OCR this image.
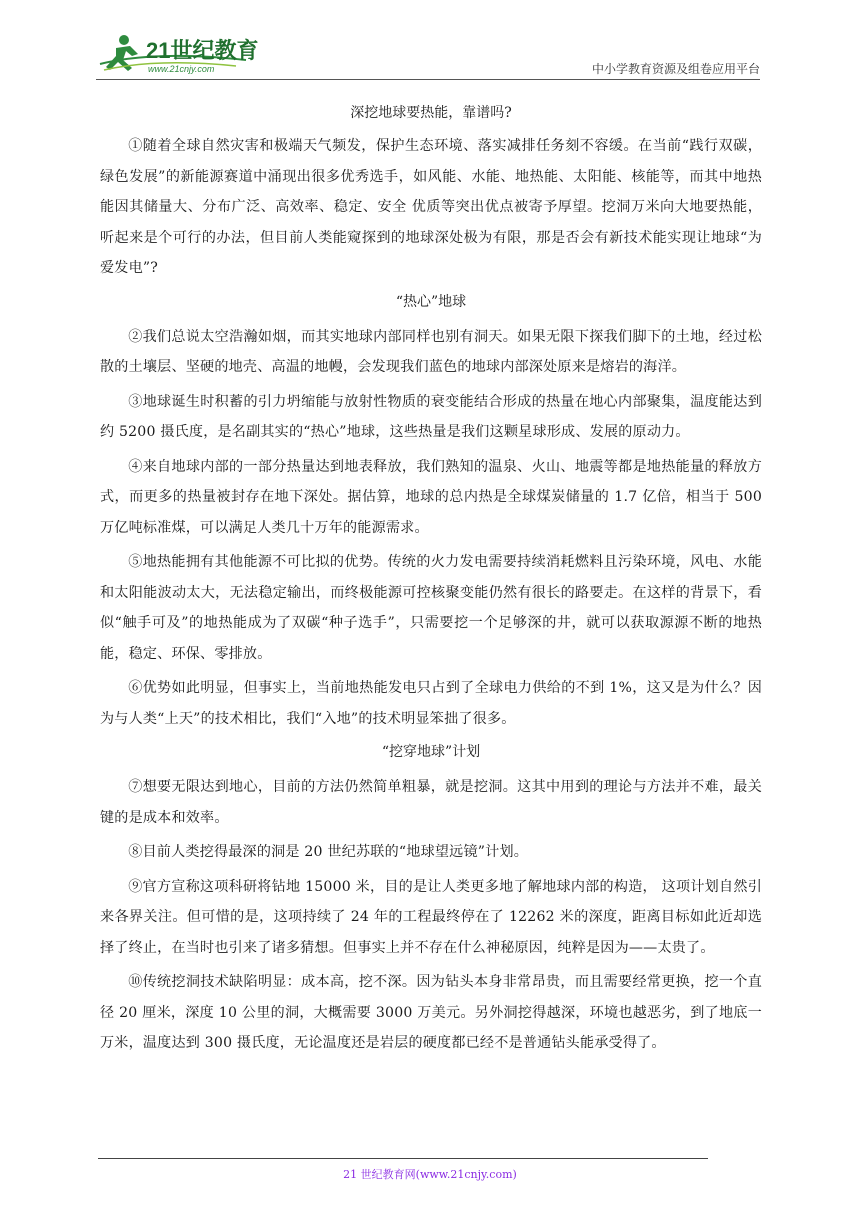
21世纪教育
www.21cnjy.com	中小学教育资源及组卷应用平台
深挖地球要热能，靠谱吗?

①随着全球自然灾害和极端天气频发，保护生态环境、落实减排任务刻不容缓。在当前“践行双碳，绿色发展”的新能源赛道中涌现出很多优秀选手，如风能、水能、地热能、太阳能、核能等，而其中地热能因其储量大、分布广泛、高效率、稳定、安全 优质等突出优点被寄予厚望。挖洞万米向大地要热能，听起来是个可行的办法，但目前人类能窥探到的地球深处极为有限，那是否会有新技术能实现让地球“为爱发电”?

“热心”地球

②我们总说太空浩瀚如烟，而其实地球内部同样也别有洞天。如果无限下探我们脚下的土地，经过松散的土壤层、坚硬的地壳、高温的地幔，会发现我们蓝色的地球内部深处原来是熔岩的海洋。

③地球诞生时积蓄的引力坍缩能与放射性物质的衰变能结合形成的热量在地心内部聚集，温度能达到约 5200 摄氏度，是名副其实的“热心”地球，这些热量是我们这颗星球形成、发展的原动力。

④来自地球内部的一部分热量达到地表释放，我们熟知的温泉、火山、地震等都是地热能量的释放方式，而更多的热量被封存在地下深处。据估算，地球的总内热是全球煤炭储量的 1.7 亿倍，相当于 500 万亿吨标准煤，可以满足人类几十万年的能源需求。

⑤地热能拥有其他能源不可比拟的优势。传统的火力发电需要持续消耗燃料且污染环境，风电、水能和太阳能波动太大，无法稳定输出，而终极能源可控核聚变能仍然有很长的路要走。在这样的背景下，看似“触手可及”的地热能成为了双碳“种子选手”，只需要挖一个足够深的井，就可以获取源源不断的地热能，稳定、环保、零排放。

⑥优势如此明显，但事实上，当前地热能发电只占到了全球电力供给的不到 1%，这又是为什么？因为与人类“上天”的技术相比，我们“入地”的技术明显笨拙了很多。

“挖穿地球”计划

⑦想要无限达到地心，目前的方法仍然简单粗暴，就是挖洞。这其中用到的理论与方法并不难，最关键的是成本和效率。

⑧目前人类挖得最深的洞是 20 世纪苏联的“地球望远镜”计划。

⑨官方宣称这项科研将钻地 15000 米，目的是让人类更多地了解地球内部的构造， 这项计划自然引来各界关注。但可惜的是，这项持续了 24 年的工程最终停在了 12262 米的深度，距离目标如此近却选择了终止，在当时也引来了诸多猜想。但事实上并不存在什么神秘原因，纯粹是因为——太贵了。

⑩传统挖洞技术缺陷明显：成本高，挖不深。因为钻头本身非常昂贵，而且需要经常更换，挖一个直径 20 厘米，深度 10 公里的洞，大概需要 3000 万美元。另外洞挖得越深，环境也越恶劣，到了地底一万米，温度达到 300 摄氏度，无论温度还是岩层的硬度都已经不是普通钻头能承受得了。

21 世纪教育网(www.21cnjy.com)
